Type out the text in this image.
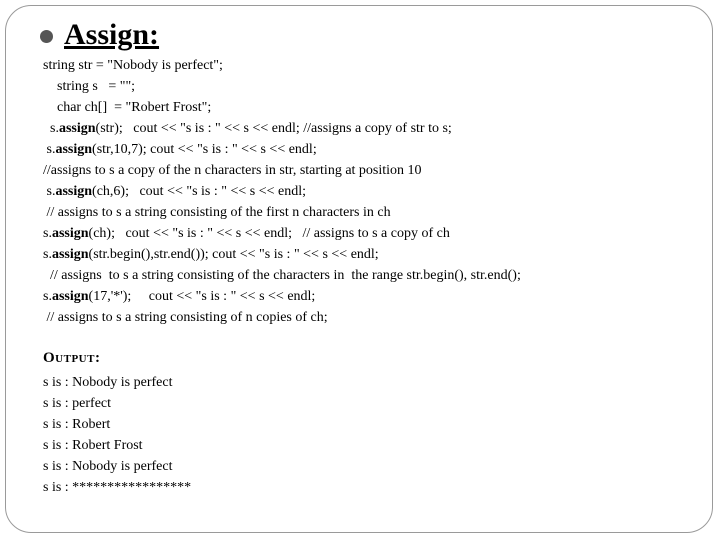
Assign:
string str = "Nobody is perfect";
string s   = "";
char ch[]  = "Robert Frost";
s.assign(str);   cout << "s is : " << s << endl; //assigns a copy of str to s;
s.assign(str,10,7); cout << "s is : " << s << endl;
//assigns to s a copy of the n characters in str, starting at position 10
s.assign(ch,6);   cout << "s is : " << s << endl;
// assigns to s a string consisting of the first n characters in ch
s.assign(ch);   cout << "s is : " << s << endl;   // assigns to s a copy of ch
s.assign(str.begin(),str.end()); cout << "s is : " << s << endl;
// assigns  to s a string consisting of the characters in  the range str.begin(), str.end();
s.assign(17,'*');     cout << "s is : " << s << endl;
// assigns to s a string consisting of n copies of ch;
Output:
s is : Nobody is perfect
s is : perfect
s is : Robert
s is : Robert Frost
s is : Nobody is perfect
s is : *****************
